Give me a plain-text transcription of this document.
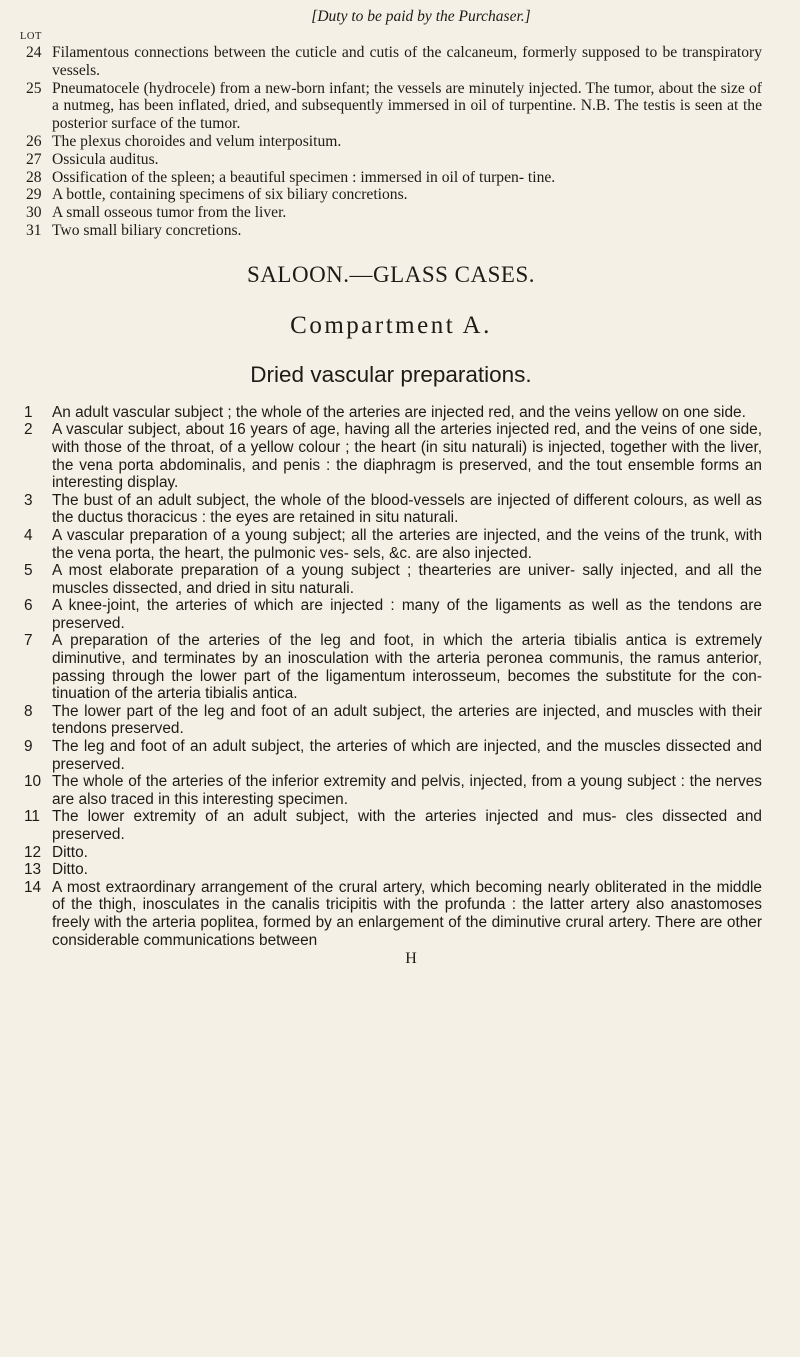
[Duty to be paid by the Purchaser.]
LOT
24 Filamentous connections between the cuticle and cutis of the calcaneum, formerly supposed to be transpiratory vessels.
25 Pneumatocele (hydrocele) from a new-born infant; the vessels are minutely injected. The tumor, about the size of a nutmeg, has been inflated, dried, and subsequently immersed in oil of turpentine. N.B. The testis is seen at the posterior surface of the tumor.
26 The plexus choroides and velum interpositum.
27 Ossicula auditus.
28 Ossification of the spleen; a beautiful specimen : immersed in oil of turpen- tine.
29 A bottle, containing specimens of six biliary concretions.
30 A small osseous tumor from the liver.
31 Two small biliary concretions.
SALOON.—GLASS CASES.
Compartment A.
Dried vascular preparations.
1	An adult vascular subject ; the whole of the arteries are injected red, and the veins yellow on one side.
2	A vascular subject, about 16 years of age, having all the arteries injected red, and the veins of one side, with those of the throat, of a yellow colour ; the heart (in situ naturali) is injected, together with the liver, the vena porta abdominalis, and penis : the diaphragm is preserved, and the tout ensemble forms an interesting display.
3	The bust of an adult subject, the whole of the blood-vessels are injected of different colours, as well as the ductus thoracicus : the eyes are retained in situ naturali.
4	A vascular preparation of a young subject; all the arteries are injected, and the veins of the trunk, with the vena porta, the heart, the pulmonic ves- sels, &c. are also injected.
5	A most elaborate preparation of a young subject ; thearteries are univer- sally injected, and all the muscles dissected, and dried in situ naturali.
6	A knee-joint, the arteries of which are injected : many of the ligaments as well as the tendons are preserved.
7	A preparation of the arteries of the leg and foot, in which the arteria tibialis antica is extremely diminutive, and terminates by an inosculation with the arteria peronea communis, the ramus anterior, passing through the lower part of the ligamentum interosseum, becomes the substitute for the con- tinuation of the arteria tibialis antica.
8	The lower part of the leg and foot of an adult subject, the arteries are injected, and muscles with their tendons preserved.
9	The leg and foot of an adult subject, the arteries of which are injected, and the muscles dissected and preserved.
10 The whole of the arteries of the inferior extremity and pelvis, injected, from a young subject : the nerves are also traced in this interesting specimen.
11 The lower extremity of an adult subject, with the arteries injected and mus- cles dissected and preserved.
12 Ditto.
13 Ditto.
14 A most extraordinary arrangement of the crural artery, which becoming nearly obliterated in the middle of the thigh, inosculates in the canalis tricipitis with the profunda : the latter artery also anastomoses freely with the arteria poplitea, formed by an enlargement of the diminutive crural artery. There are other considerable communications between
H
